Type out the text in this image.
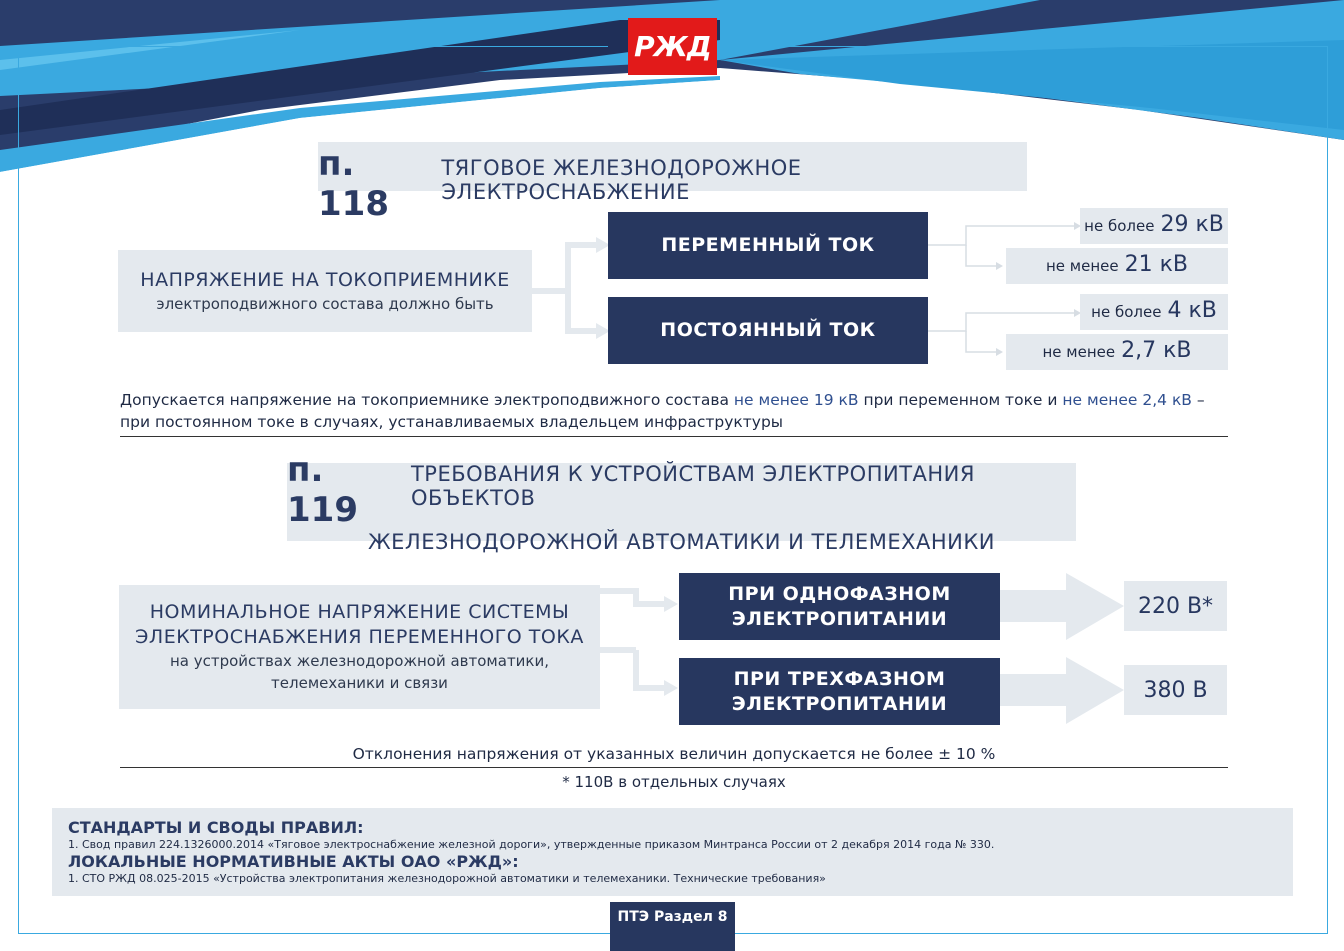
РЖД
п. 118
ТЯГОВОЕ ЖЕЛЕЗНОДОРОЖНОЕ ЭЛЕКТРОСНАБЖЕНИЕ
НАПРЯЖЕНИЕ НА ТОКОПРИЕМНИКЕ
электроподвижного состава должно быть
ПЕРЕМЕННЫЙ ТОК
ПОСТОЯННЫЙ ТОК
не более 29 кВ
не менее 21 кВ
не более 4 кВ
не менее 2,7 кВ
Допускается напряжение на токоприемнике электроподвижного состава не менее 19 кВ при переменном токе и не менее 2,4 кВ – при постоянном токе в случаях, устанавливаемых владельцем инфраструктуры
п. 119
ТРЕБОВАНИЯ К УСТРОЙСТВАМ ЭЛЕКТРОПИТАНИЯ ОБЪЕКТОВ
ЖЕЛЕЗНОДОРОЖНОЙ АВТОМАТИКИ И ТЕЛЕМЕХАНИКИ
НОМИНАЛЬНОЕ НАПРЯЖЕНИЕ СИСТЕМЫ
ЭЛЕКТРОСНАБЖЕНИЯ ПЕРЕМЕННОГО ТОКА
на устройствах железнодорожной автоматики,
телемеханики и связи
ПРИ ОДНОФАЗНОМ
ЭЛЕКТРОПИТАНИИ
ПРИ ТРЕХФАЗНОМ
ЭЛЕКТРОПИТАНИИ
220 В*
380 В
Отклонения напряжения от указанных величин допускается не более ± 10 %
* 110В в отдельных случаях
СТАНДАРТЫ И СВОДЫ ПРАВИЛ:
1. Свод правил 224.1326000.2014 «Тяговое электроснабжение железной дороги», утвержденные приказом Минтранса России от 2 декабря 2014 года № 330.
ЛОКАЛЬНЫЕ НОРМАТИВНЫЕ АКТЫ ОАО «РЖД»:
1. СТО РЖД 08.025-2015 «Устройства электропитания железнодорожной автоматики и телемеханики. Технические требования»
ПТЭ Раздел 8
